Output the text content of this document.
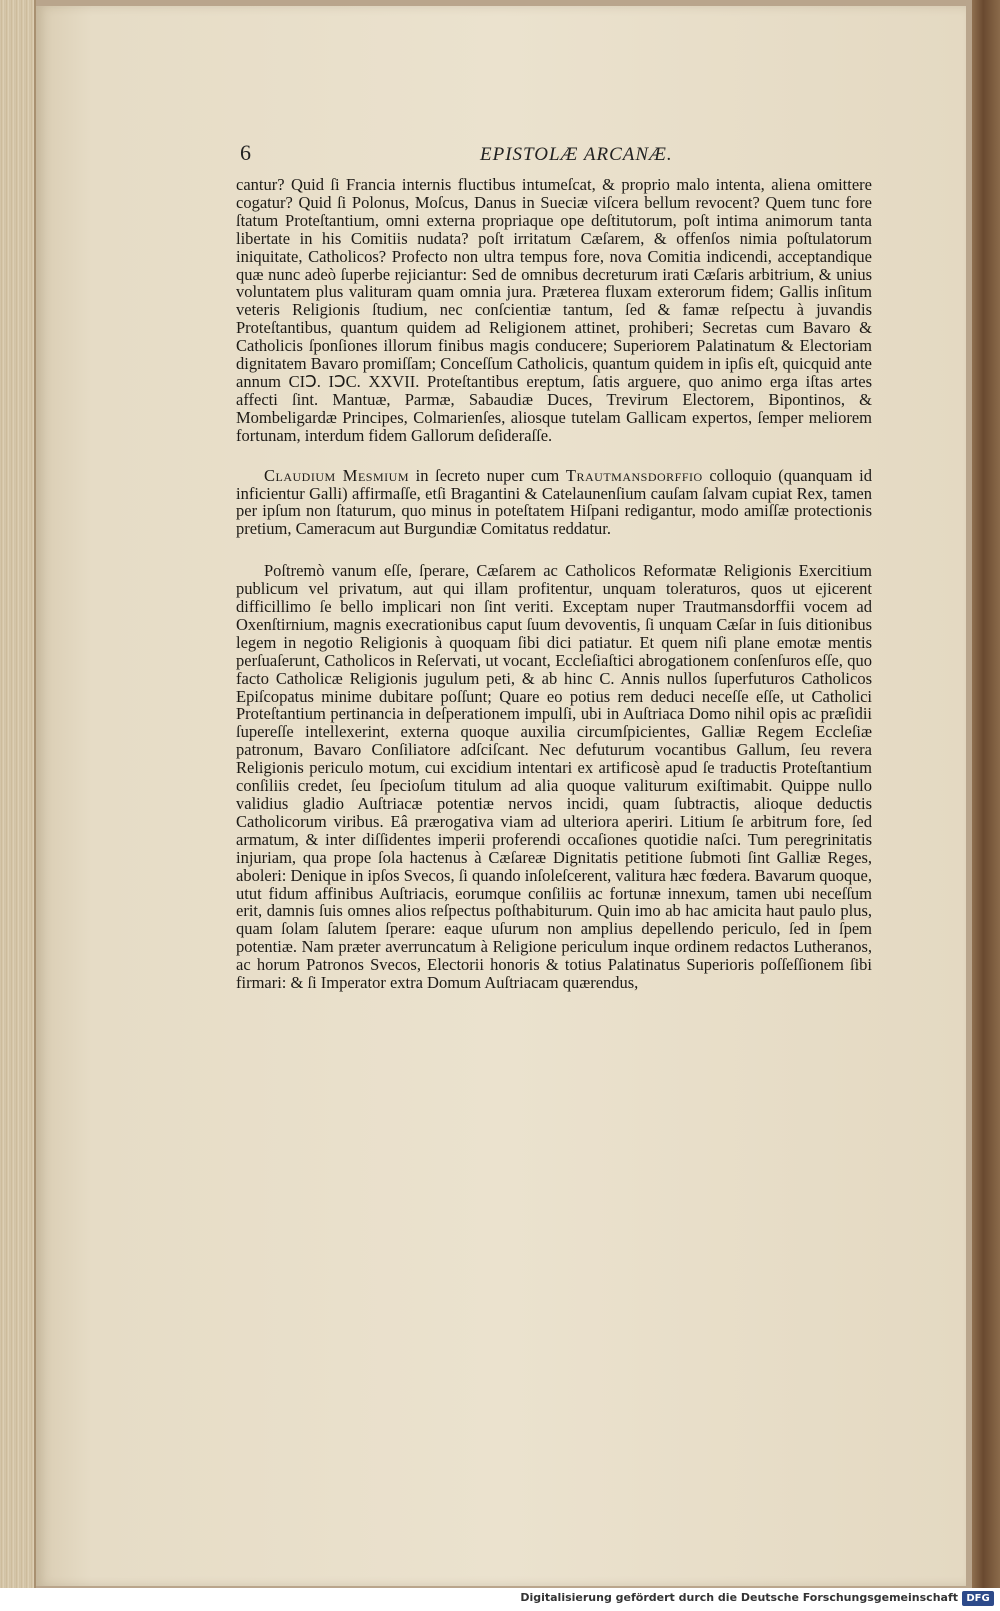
6	EPISTOLÆ ARCANÆ.

cantur? Quid ſi Francia internis fluctibus intumeſcat, & proprio malo intenta, aliena omittere cogatur? Quid ſi Polonus, Moſcus, Danus in Sueciæ viſcera bellum revocent? Quem tunc fore ſtatum Proteſtantium, omni externa propriaque ope deſtitutorum, poſt intima animorum tanta libertate in his Comitiis nudata? poſt irritatum Cæſarem, & offenſos nimia poſtulatorum iniquitate, Catholicos? Profecto non ultra tempus fore, nova Comitia indicendi, acceptandique quæ nunc adeò ſuperbe rejiciantur: Sed de omnibus decreturum irati Cæſaris arbitrium, & unius voluntatem plus valituram quam omnia jura. Præterea fluxam exterorum fidem; Gallis inſitum veteris Religionis ſtudium, nec conſcientiæ tantum, ſed & famæ reſpectu à juvandis Proteſtantibus, quantum quidem ad Religionem attinet, prohiberi; Secretas cum Bavaro & Catholicis ſponſiones illorum finibus magis conducere; Superiorem Palatinatum & Electoriam dignitatem Bavaro promiſſam; Conceſſum Catholicis, quantum quidem in ipſis eſt, quicquid ante annum CIↃ. IↃC. XXVII. Proteſtantibus ereptum, ſatis arguere, quo animo erga iſtas artes affecti ſint. Mantuæ, Parmæ, Sabaudiæ Duces, Trevirum Electorem, Bipontinos, & Mombeligardæ Principes, Colmarienſes, aliosque tutelam Gallicam expertos, ſemper meliorem fortunam, interdum fidem Gallorum deſideraſſe.

Claudium Mesmium in ſecreto nuper cum Trautmansdorffio colloquio (quanquam id inficientur Galli) affirmaſſe, etſi Bragantini & Catelaunenſium cauſam ſalvam cupiat Rex, tamen per ipſum non ſtaturum, quo minus in poteſtatem Hiſpani redigantur, modo amiſſæ protectionis pretium, Cameracum aut Burgundiæ Comitatus reddatur.

Poſtremò vanum eſſe, ſperare, Cæſarem ac Catholicos Reformatæ Religionis Exercitium publicum vel privatum, aut qui illam profitentur, unquam toleraturos, quos ut ejicerent difficillimo ſe bello implicari non ſint veriti. Exceptam nuper Trautmansdorffii vocem ad Oxenſtirnium, magnis execrationibus caput ſuum devoventis, ſi unquam Cæſar in ſuis ditionibus legem in negotio Religionis à quoquam ſibi dici patiatur. Et quem niſi plane emotæ mentis perſuaſerunt, Catholicos in Reſervati, ut vocant, Eccleſiaſtici abrogationem conſenſuros eſſe, quo facto Catholicæ Religionis jugulum peti, & ab hinc C. Annis nullos ſuperfuturos Catholicos Epiſcopatus minime dubitare poſſunt; Quare eo potius rem deduci neceſſe eſſe, ut Catholici Proteſtantium pertinancia in deſperationem impulſi, ubi in Auſtriaca Domo nihil opis ac præſidii ſupereſſe intellexerint, externa quoque auxilia circumſpicientes, Galliæ Regem Eccleſiæ patronum, Bavaro Conſiliatore adſciſcant. Nec defuturum vocantibus Gallum, ſeu revera Religionis periculo motum, cui excidium intentari ex artificosè apud ſe traductis Proteſtantium conſiliis credet, ſeu ſpecioſum titulum ad alia quoque valiturum exiſtimabit. Quippe nullo validius gladio Auſtriacæ potentiæ nervos incidi, quam ſubtractis, alioque deductis Catholicorum viribus. Eâ prærogativa viam ad ulteriora aperiri. Litium ſe arbitrum fore, ſed armatum, & inter diſſidentes imperii proferendi occaſiones quotidie naſci. Tum peregrinitatis injuriam, qua prope ſola hactenus à Cæſareæ Dignitatis petitione ſubmoti ſint Galliæ Reges, aboleri: Denique in ipſos Svecos, ſi quando inſoleſcerent, valitura hæc fœdera. Bavarum quoque, utut fidum affinibus Auſtriacis, eorumque conſiliis ac fortunæ innexum, tamen ubi neceſſum erit, damnis ſuis omnes alios reſpectus poſthabiturum. Quin imo ab hac amicita haut paulo plus, quam ſolam ſalutem ſperare: eaque uſurum non amplius depellendo periculo, ſed in ſpem potentiæ. Nam præter averruncatum à Religione periculum inque ordinem redactos Lutheranos, ac horum Patronos Svecos, Electorii honoris & totius Palatinatus Superioris poſſeſſionem ſibi firmari: & ſi Imperator extra Domum Auſtriacam quærendus,

Digitalisierung gefördert durch die Deutsche Forschungsgemeinschaft DFG
